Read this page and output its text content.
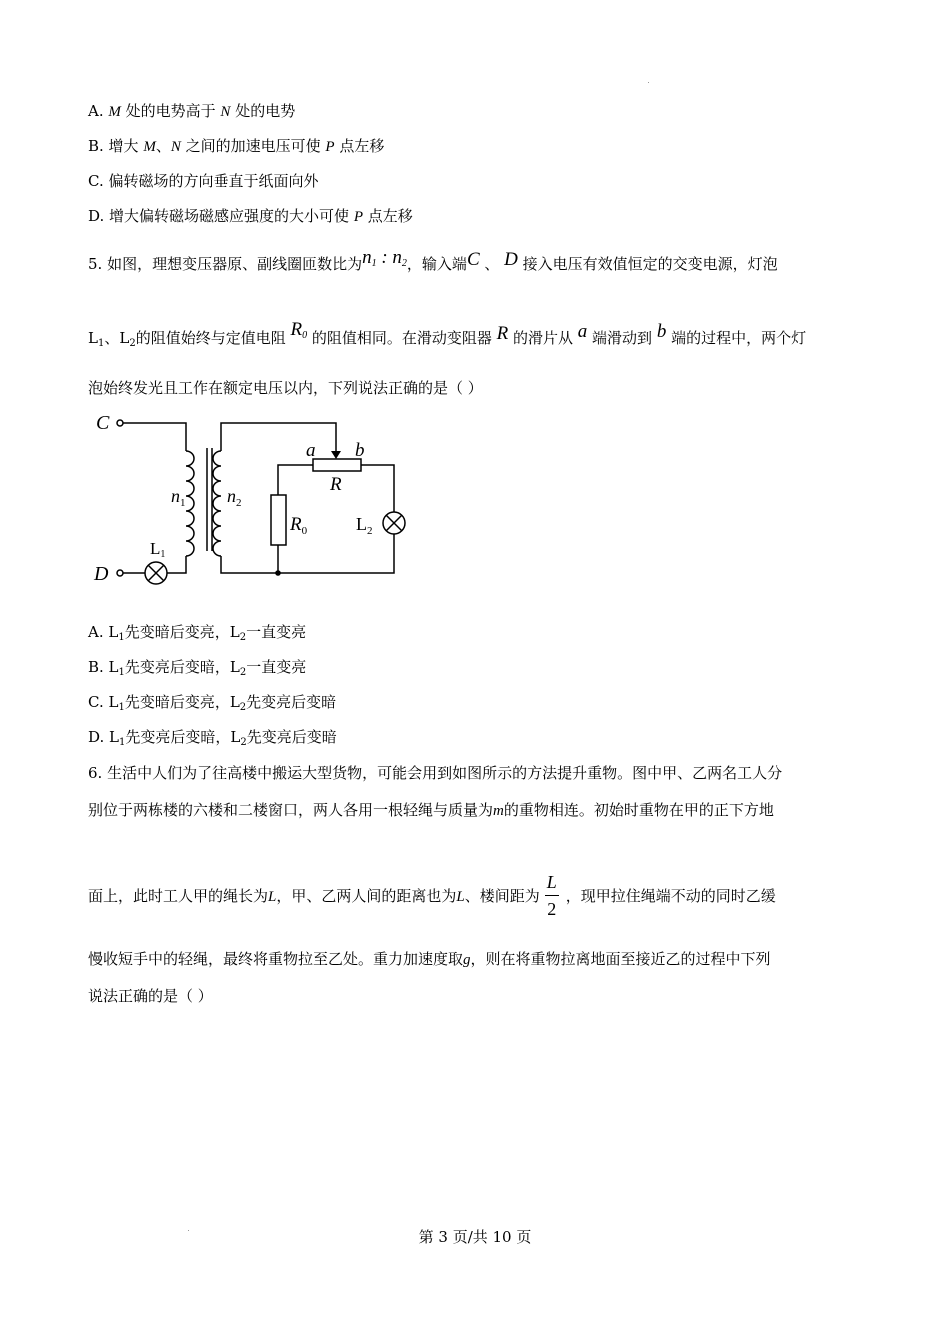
A. M 处的电势高于 N 处的电势
B. 增大 M、N 之间的加速电压可使 P 点左移
C. 偏转磁场的方向垂直于纸面向外
D. 增大偏转磁场磁感应强度的大小可使 P 点左移
5. 如图，理想变压器原、副线圈匝数比为$n_1$ : $n_2$，输入端C 、 D 接入电压有效值恒定的交变电源，灯泡
$L_1$、$L_2$的阻值始终与定值电阻 $R_0$ 的阻值相同。在滑动变阻器 R 的滑片从 a 端滑动到 b 端的过程中，两个灯
泡始终发光且工作在额定电压以内，下列说法正确的是（ ）
C
D
L1
$n_1$ $n_2$
a b
R
$R_0$	$L_2$
A. $L_1$先变暗后变亮，$L_2$一直变亮
B. $L_1$先变亮后变暗，$L_2$一直变亮
C. $L_1$先变暗后变亮，$L_2$先变亮后变暗
D. $L_1$先变亮后变暗，$L_2$先变亮后变暗
6. 生活中人们为了往高楼中搬运大型货物，可能会用到如图所示的方法提升重物。图中甲、乙两名工人分
别位于两栋楼的六楼和二楼窗口，两人各用一根轻绳与质量为m的重物相连。初始时重物在甲的正下方地
面上，此时工人甲的绳长为L，甲、乙两人间的距离也为L、楼间距为
L
2
，现甲拉住绳端不动的同时乙缓
慢收短手中的轻绳，最终将重物拉至乙处。重力加速度取g，则在将重物拉离地面至接近乙的过程中下列
说法正确的是（ ）
第 3 页/共 10 页
